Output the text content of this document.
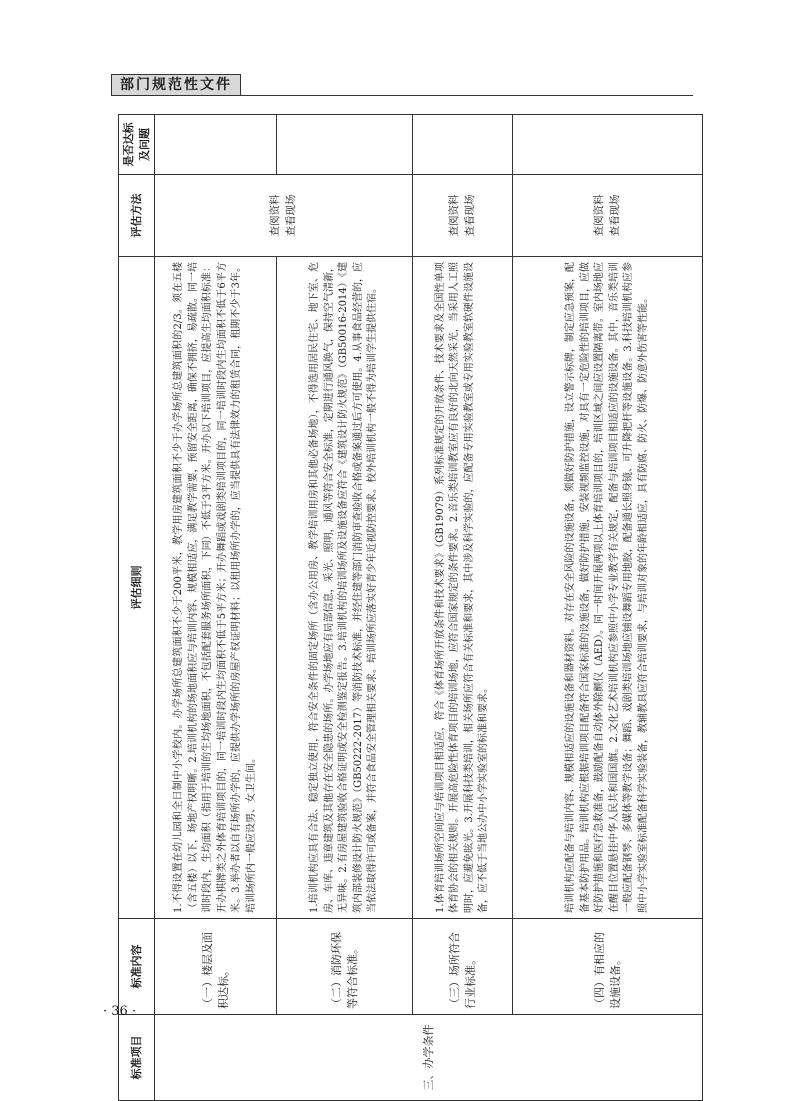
部门规范性文件
标准项目	标准内容	评估细则	评估方法	是否达标及问题
三、办学条件	（一）楼层及面积达标。	1.不得设置在幼儿园和全日制中小学校内。办学场所总建筑面积不少于200平米，教学用房建筑面积不少于办学场所总建筑面积的2/3。须在五楼（含五楼）以下，场地产权明晰。2.培训机构的场地面积应与培训内容、规模相适应，满足教学需要，预留安全距离，确保不拥挤，易疏散。同一培训时段内，生均面积（指用于培训的生均场地面积，不包括配套服务场所面积，下同）不低于3平方米。开办以下培训项目，应提高生均面积标准：开办棋牌类之外体育培训项目的，同一培训时段内生均面积不低于5平方米；开办舞蹈或戏剧类培训项目的，同一培训时段内生均面积不低于6平方米。3.举办者以自有场所办学的，应提供办学场所的房屋产权证明材料；以租用场所办学的，应当提供具有法律效力的租赁合同，租期不少于3年。培训场所内一般应设男、女卫生间。	查阅资料
查看现场	
	（二）消防环保等符合标准。	1.培训机构应具有合法、稳定独立使用，符合安全条件的固定场所（含办公用房、教学培训用房和其他必备场地），不得选用居民住宅、地下室、危房、车库、违章建筑及其他存在安全隐患的场所。办学场地应有局部信息，采光、照明，通风等符合安全标准，定期进行通风换气，保持空气清新，无异味。2.有房屋建筑验收合格证明或安全检测鉴定报告。3.培训机构的培训场所及设施设备应符合《建筑设计防火规范》（GB50016-2014）《建筑内部装修设计防火规范》（GB50222-2017）等消防技术标准，并经住建等部门消防审查验收合格或备案通过后方可使用。4.从事食品经营的，应当依法取得许可或备案，并符合食品安全管理相关要求。培训场所应落实好青少年近视防控要求。校外培训机构一般不得为培训学生提供住宿。		
	（三）场所符合行业标准。	1.体育培训场所空间应与培训项目相适应，符合《体育场所开放条件和技术要求》（GB19079）系列标准规定的开放条件、技术要求及全国性单项体育协会的相关规则。开展高危险性体育项目的培训场地，应符合国家规定的条件要求。2.音乐类培训教室应有良好的北向天然采光，当采用人工照明时，应避免眩光。3.开展科技类培训，相关场所应符合有关标准和要求，其中涉及科学实验的，应配备专用实验教室或专用实验教室软硬件设施设备，应不低于当地公办中小学实验室的标准和要求。	查阅资料
查看现场	
	（四）有相应的设施设备。	培训机构应配备与培训内容、规模相适应的设施设备和器材资料。对存在安全风险的设施设备，须做好防护措施，设立警示标牌，制定应急预案，配备基本防护用品。培训机构应根据培训项目配备符合国家标准的设施设备，做好防护措施，安装视频监控设施，对具有一定危险性的培训项目，应做好防护措施和医疗急救准备，鼓励配备自动体外除颤仪（AED）。同一时间开展两项以上体育培训项目的，培训区域之间应设置隔离带。室内场地应在醒目位置悬挂中华人民共和国国旗。2.文化艺术培训机构应参照中小学专业教学有关规定，配备与培训项目相适应的设施设备。其中，音乐类培训一般应配备钢琴、多媒体等教学设备；舞蹈、戏剧类培训场地应铺设舞蹈专用地胶，配备通长照身镜、可升降把杆等设施设备。3.科技培训机构应参照中小学实验室标准配备科学实验装备，教辅教具应符合培训要求，与培训对象的年龄相适应，具有防腐、防火、防爆、防意外伤害等性能。	查阅资料
查看现场	
· 36 ·
